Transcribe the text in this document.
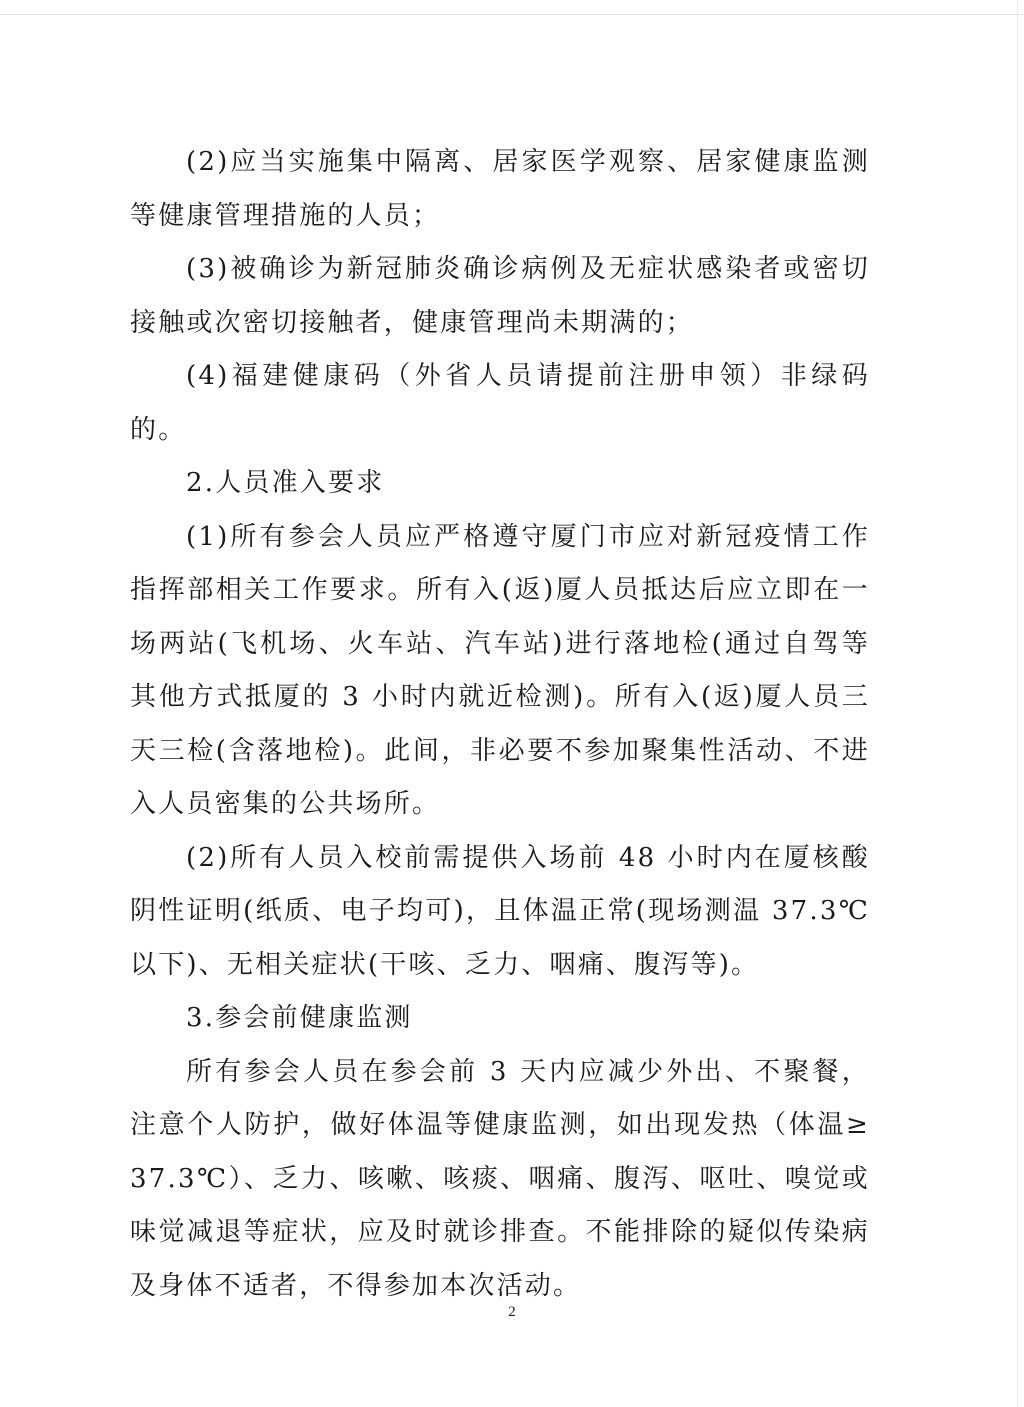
(2)应当实施集中隔离、居家医学观察、居家健康监测等健康管理措施的人员；

(3)被确诊为新冠肺炎确诊病例及无症状感染者或密切接触或次密切接触者，健康管理尚未期满的；

(4)福建健康码（外省人员请提前注册申领）非绿码的。

2.人员准入要求

(1)所有参会人员应严格遵守厦门市应对新冠疫情工作指挥部相关工作要求。所有入(返)厦人员抵达后应立即在一场两站(飞机场、火车站、汽车站)进行落地检(通过自驾等其他方式抵厦的 3 小时内就近检测)。所有入(返)厦人员三天三检(含落地检)。此间，非必要不参加聚集性活动、不进入人员密集的公共场所。

(2)所有人员入校前需提供入场前 48 小时内在厦核酸阴性证明(纸质、电子均可)，且体温正常(现场测温 37.3℃以下)、无相关症状(干咳、乏力、咽痛、腹泻等)。

3.参会前健康监测

所有参会人员在参会前 3 天内应减少外出、不聚餐，注意个人防护，做好体温等健康监测，如出现发热（体温≥37.3℃）、乏力、咳嗽、咳痰、咽痛、腹泻、呕吐、嗅觉或味觉减退等症状，应及时就诊排查。不能排除的疑似传染病及身体不适者，不得参加本次活动。

2
